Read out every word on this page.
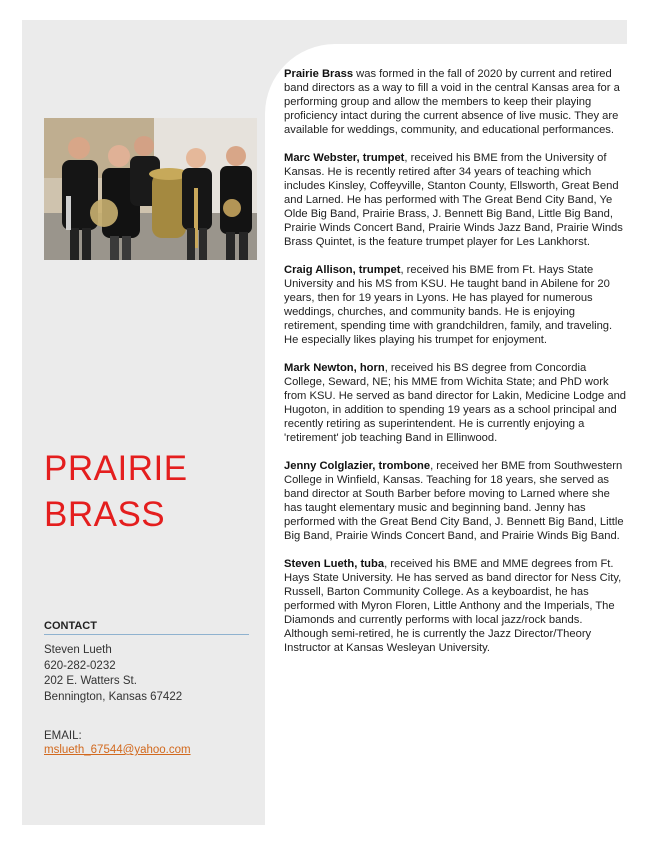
PRAIRIE
BRASS
CONTACT
Steven Lueth
620-282-0232
202 E. Watters St.
Bennington, Kansas 67422
EMAIL:
mslueth_67544@yahoo.com

Prairie Brass was formed in the fall of 2020 by current and retired band directors as a way to fill a void in the central Kansas area for a performing group and allow the members to keep their playing proficiency intact during the current absence of live music. They are available for weddings, community, and educational performances.

Marc Webster, trumpet, received his BME from the University of Kansas. He is recently retired after 34 years of teaching which includes Kinsley, Coffeyville, Stanton County, Ellsworth, Great Bend and Larned. He has performed with The Great Bend City Band, Ye Olde Big Band, Prairie Brass, J. Bennett Big Band, Little Big Band, Prairie Winds Concert Band, Prairie Winds Jazz Band, Prairie Winds Brass Quintet, is the feature trumpet player for Les Lankhorst.

Craig Allison, trumpet, received his BME from Ft. Hays State University and his MS from KSU. He taught band in Abilene for 20 years, then for 19 years in Lyons. He has played for numerous weddings, churches, and community bands. He is enjoying retirement, spending time with grandchildren, family, and traveling. He especially likes playing his trumpet for enjoyment.

Mark Newton, horn, received his BS degree from Concordia College, Seward, NE; his MME from Wichita State; and PhD work from KSU. He served as band director for Lakin, Medicine Lodge and Hugoton, in addition to spending 19 years as a school principal and recently retiring as superintendent. He is currently enjoying a 'retirement' job teaching Band in Ellinwood.

Jenny Colglazier, trombone, received her BME from Southwestern College in Winfield, Kansas. Teaching for 18 years, she served as band director at South Barber before moving to Larned where she has taught elementary music and beginning band. Jenny has performed with the Great Bend City Band, J. Bennett Big Band, Little Big Band, Prairie Winds Concert Band, and Prairie Winds Big Band.

Steven Lueth, tuba, received his BME and MME degrees from Ft. Hays State University. He has served as band director for Ness City, Russell, Barton Community College. As a keyboardist, he has performed with Myron Floren, Little Anthony and the Imperials, The Diamonds and currently performs with local jazz/rock bands. Although semi-retired, he is currently the Jazz Director/Theory Instructor at Kansas Wesleyan University.
